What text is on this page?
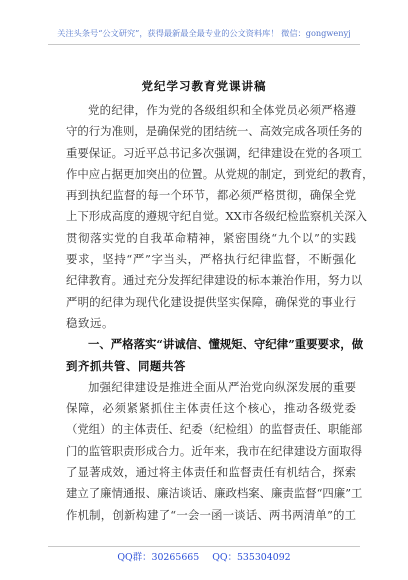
关注头条号“公文研究”，获得最新最全最专业的公文资料库！ 微信：gongwenyj
党纪学习教育党课讲稿
党的纪律，作为党的各级组织和全体党员必须严格遵
守的行为准则，是确保党的团结统一、高效完成各项任务的
重要保证。习近平总书记多次强调，纪律建设在党的各项工
作中应占据更加突出的位置。从党规的制定，到党纪的教育，
再到执纪监督的每一个环节，都必须严格贯彻，确保全党
上下形成高度的遵规守纪自觉。XX市各级纪检监察机关深入
贯彻落实党的自我革命精神，紧密围绕“九个以”的实践
要求，坚持“严”字当头，严格执行纪律监督，不断强化
纪律教育。通过充分发挥纪律建设的标本兼治作用，努力以
严明的纪律为现代化建设提供坚实保障，确保党的事业行
稳致远。
一、严格落实“讲诚信、懂规矩、守纪律”重要要求，做
到齐抓共管、同题共答
加强纪律建设是推进全面从严治党向纵深发展的重要
保障，必须紧紧抓住主体责任这个核心，推动各级党委
（党组）的主体责任、纪委（纪检组）的监督责任、职能部
门的监管职责形成合力。近年来，我市在纪律建设方面取得
了显著成效，通过将主体责任和监督责任有机结合，探索
建立了廉情通报、廉洁谈话、廉政档案、廉责监督“四廉”工
作机制，创新构建了“一会一函一谈话、两书两清单”的工
QQ群：30265665 QQ：535304092
